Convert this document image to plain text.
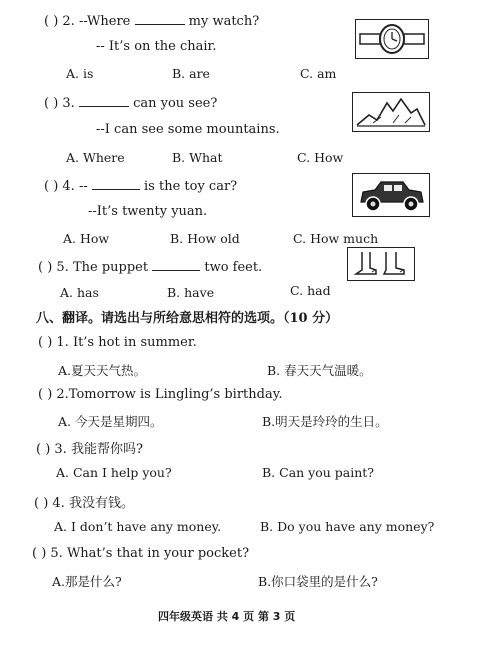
( ) 2. --Where	my watch?
-- It’s on the chair.
A. is	B. are	C. am
( ) 3.	can you see?
--I can see some mountains.
A. Where	B. What	C. How
( ) 4. --	is the toy car?
--It’s twenty yuan.
A. How	B. How old	C. How much
( ) 5. The puppet	two feet.
A. has	B. have	C. had
八、翻译。请选出与所给意思相符的选项。（10 分）
( ) 1. It’s hot in summer.
A.夏天天气热。	B. 春天天气温暖。
( ) 2.Tomorrow is Lingling’s birthday.
A. 今天是星期四。	B.明天是玲玲的生日。
( ) 3. 我能帮你吗?
A. Can I help you?	B. Can you paint?
( ) 4. 我没有钱。
A. I don’t have any money.	B. Do you have any money?
( ) 5. What’s that in your pocket?
A.那是什么?	B.你口袋里的是什么?
四年级英语 共 4 页 第 3 页
